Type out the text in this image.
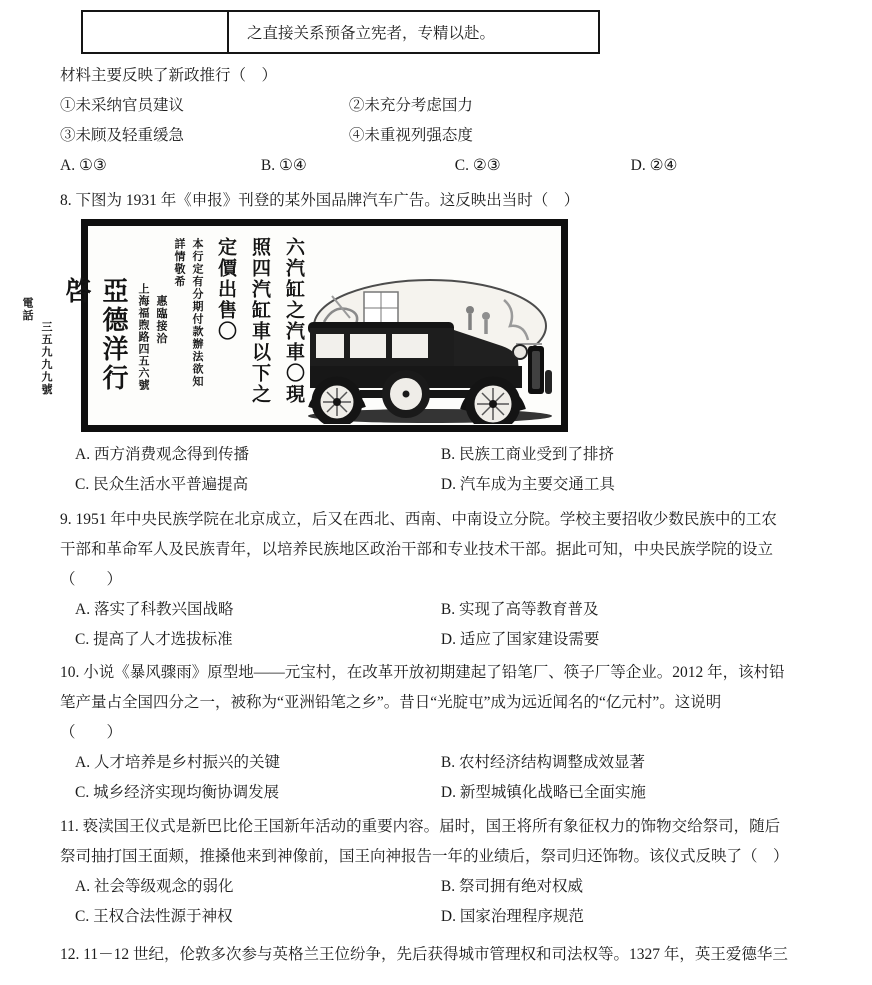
之直接关系预备立宪者，专精以赴。
材料主要反映了新政推行（　）
①未采纳官员建议	②未充分考虑国力
③未顾及轻重缓急	④未重视列强态度
A. ①③	B. ①④	C. ②③	D. ②④
8. 下图为 1931 年《申报》刊登的某外国品牌汽车广告。这反映出当时（　）
六汽缸之汽車〇現
照四汽缸車以下之
定價出售〇
本行定有分期付款辦法欲知
詳情敬希
惠臨接洽
上海福煦路四五六號
亞德洋行啓
三五九九九號
電話
A. 西方消费观念得到传播	B. 民族工商业受到了排挤
C. 民众生活水平普遍提高	D. 汽车成为主要交通工具
9. 1951 年中央民族学院在北京成立，后又在西北、西南、中南设立分院。学校主要招收少数民族中的工农
干部和革命军人及民族青年，以培养民族地区政治干部和专业技术干部。据此可知，中央民族学院的设立
（　　）
A. 落实了科教兴国战略	B. 实现了高等教育普及
C. 提高了人才选拔标准	D. 适应了国家建设需要
10. 小说《暴风骤雨》原型地——元宝村，在改革开放初期建起了铅笔厂、筷子厂等企业。2012 年，该村铅
笔产量占全国四分之一，被称为“亚洲铅笔之乡”。昔日“光腚屯”成为远近闻名的“亿元村”。这说明
（　　）
A. 人才培养是乡村振兴的关键	B. 农村经济结构调整成效显著
C. 城乡经济实现均衡协调发展	D. 新型城镇化战略已全面实施
11. 亵渎国王仪式是新巴比伦王国新年活动的重要内容。届时，国王将所有象征权力的饰物交给祭司，随后
祭司抽打国王面颊，推搡他来到神像前，国王向神报告一年的业绩后，祭司归还饰物。该仪式反映了（　）
A. 社会等级观念的弱化	B. 祭司拥有绝对权威
C. 王权合法性源于神权	D. 国家治理程序规范
12. 11－12 世纪，伦敦多次参与英格兰王位纷争，先后获得城市管理权和司法权等。1327 年，英王爱德华三
